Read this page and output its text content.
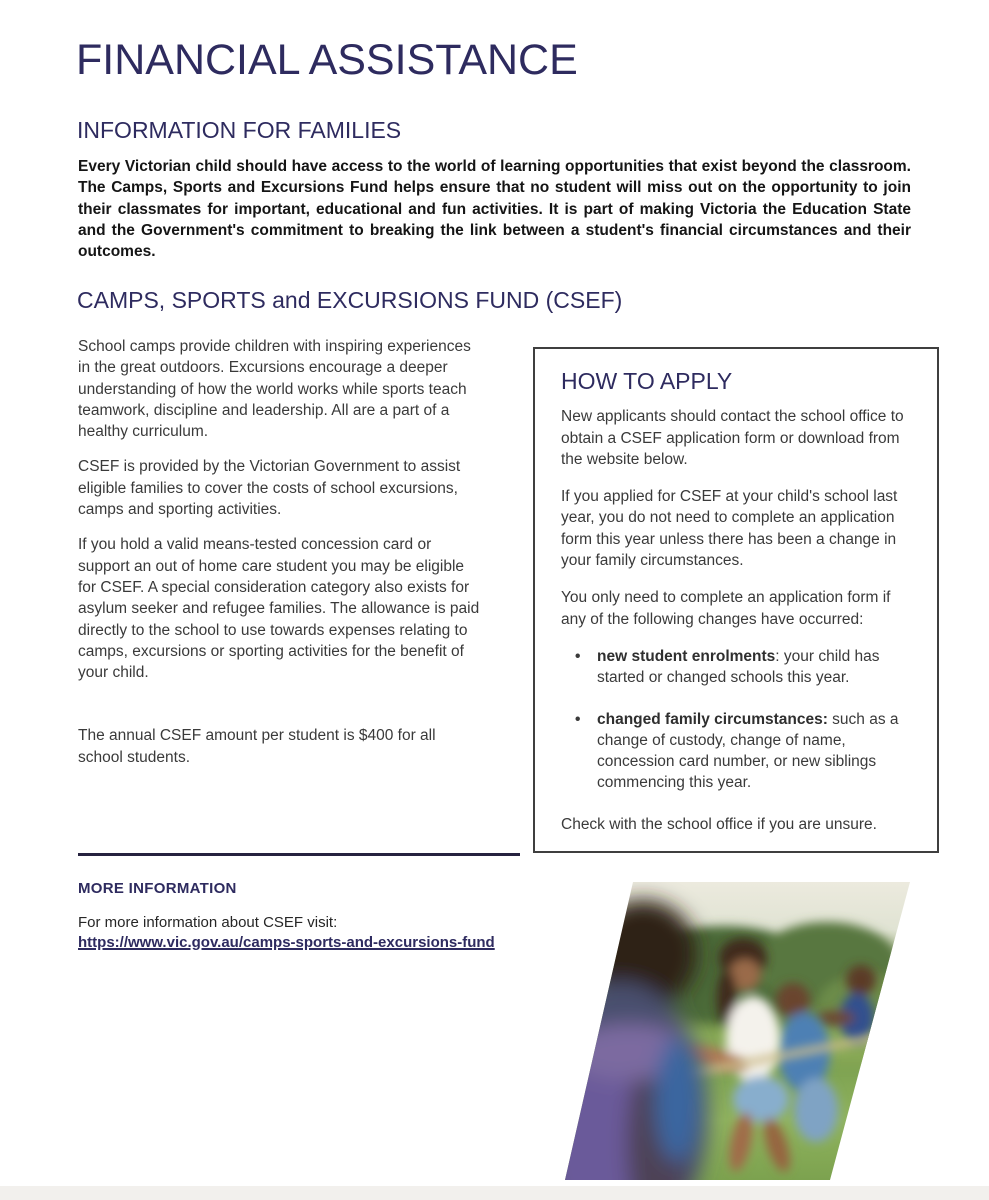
FINANCIAL ASSISTANCE
INFORMATION FOR FAMILIES

Every Victorian child should have access to the world of learning opportunities that exist beyond the classroom. The Camps, Sports and Excursions Fund helps ensure that no student will miss out on the opportunity to join their classmates for important, educational and fun activities. It is part of making Victoria the Education State and the Government's commitment to breaking the link between a student's financial circumstances and their outcomes.

CAMPS, SPORTS and EXCURSIONS FUND (CSEF)

School camps provide children with inspiring experiences in the great outdoors. Excursions encourage a deeper understanding of how the world works while sports teach teamwork, discipline and leadership. All are a part of a healthy curriculum.

CSEF is provided by the Victorian Government to assist eligible families to cover the costs of school excursions, camps and sporting activities.

If you hold a valid means-tested concession card or support an out of home care student you may be eligible for CSEF. A special consideration category also exists for asylum seeker and refugee families. The allowance is paid directly to the school to use towards expenses relating to camps, excursions or sporting activities for the benefit of your child.

The annual CSEF amount per student is $400 for all school students.

HOW TO APPLY

New applicants should contact the school office to obtain a CSEF application form or download from the website below.

If you applied for CSEF at your child's school last year, you do not need to complete an application form this year unless there has been a change in your family circumstances.

You only need to complete an application form if any of the following changes have occurred:

• new student enrolments: your child has started or changed schools this year.
• changed family circumstances: such as a change of custody, change of name, concession card number, or new siblings commencing this year.

Check with the school office if you are unsure.

MORE INFORMATION

For more information about CSEF visit:

https://www.vic.gov.au/camps-sports-and-excursions-fund
